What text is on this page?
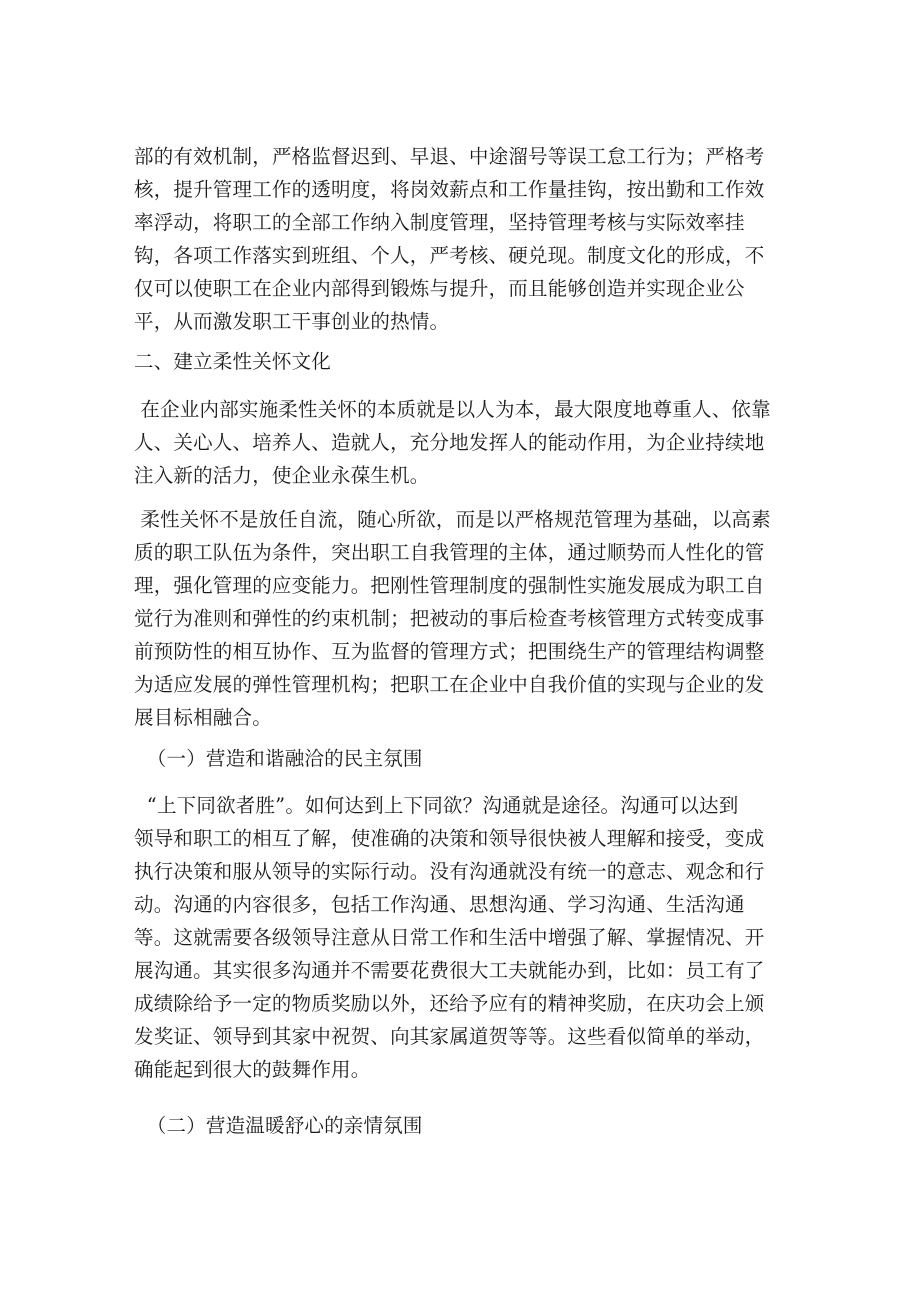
部的有效机制，严格监督迟到、早退、中途溜号等误工怠工行为；严格考
核，提升管理工作的透明度，将岗效薪点和工作量挂钩，按出勤和工作效
率浮动，将职工的全部工作纳入制度管理，坚持管理考核与实际效率挂
钩，各项工作落实到班组、个人，严考核、硬兑现。制度文化的形成，不
仅可以使职工在企业内部得到锻炼与提升，而且能够创造并实现企业公
平，从而激发职工干事创业的热情。
二、建立柔性关怀文化
在企业内部实施柔性关怀的本质就是以人为本，最大限度地尊重人、依靠
人、关心人、培养人、造就人，充分地发挥人的能动作用，为企业持续地
注入新的活力，使企业永葆生机。
柔性关怀不是放任自流，随心所欲，而是以严格规范管理为基础，以高素
质的职工队伍为条件，突出职工自我管理的主体，通过顺势而人性化的管
理，强化管理的应变能力。把刚性管理制度的强制性实施发展成为职工自
觉行为准则和弹性的约束机制；把被动的事后检查考核管理方式转变成事
前预防性的相互协作、互为监督的管理方式；把围绕生产的管理结构调整
为适应发展的弹性管理机构；把职工在企业中自我价值的实现与企业的发
展目标相融合。
（一）营造和谐融洽的民主氛围
“上下同欲者胜”。如何达到上下同欲？沟通就是途径。沟通可以达到
领导和职工的相互了解，使准确的决策和领导很快被人理解和接受，变成
执行决策和服从领导的实际行动。没有沟通就没有统一的意志、观念和行
动。沟通的内容很多，包括工作沟通、思想沟通、学习沟通、生活沟通
等。这就需要各级领导注意从日常工作和生活中增强了解、掌握情况、开
展沟通。其实很多沟通并不需要花费很大工夫就能办到，比如：员工有了
成绩除给予一定的物质奖励以外，还给予应有的精神奖励，在庆功会上颁
发奖证、领导到其家中祝贺、向其家属道贺等等。这些看似简单的举动，
确能起到很大的鼓舞作用。
（二）营造温暖舒心的亲情氛围
